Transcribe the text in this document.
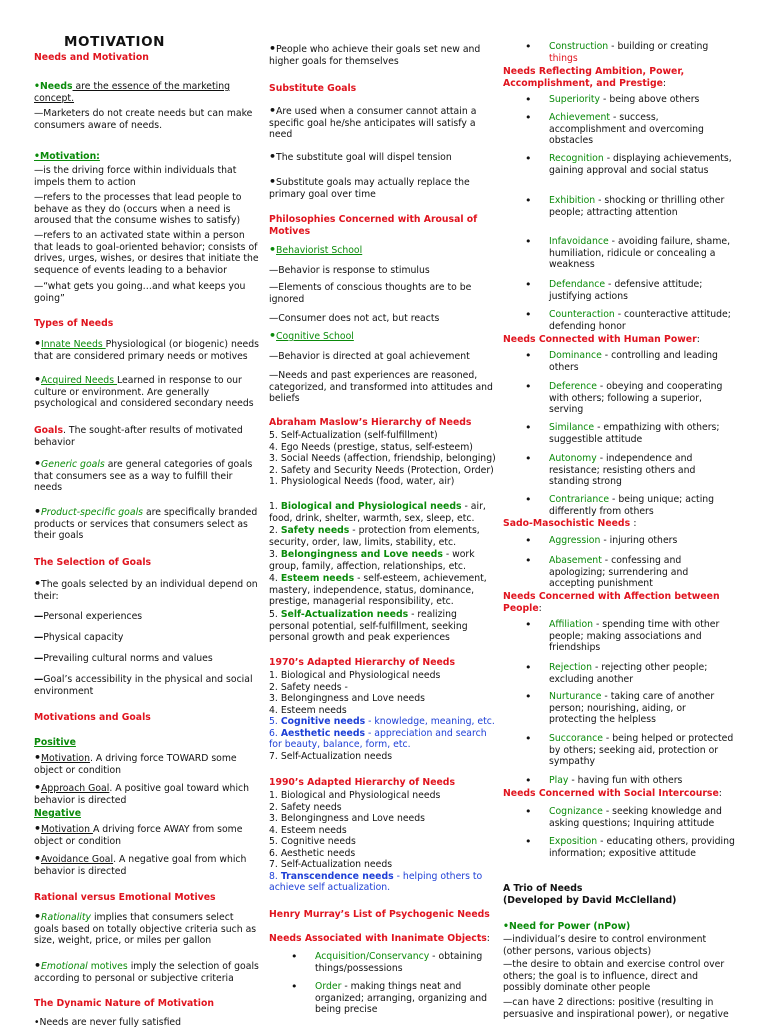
MOTIVATION
Needs and Motivation
•Needs are the essence of the marketing concept.
—Marketers do not create needs but can make consumers aware of needs.
•Motivation:
—is the driving force within individuals that impels them to action
—refers to the processes that lead people to behave as they do (occurs when a need is aroused that the consume wishes to satisfy)
—refers to an activated state within a person that leads to goal-oriented behavior; consists of drives, urges, wishes, or desires that initiate the sequence of events leading to a behavior
—“what gets you going…and what keeps you going”
Types of Needs
•Innate Needs Physiological (or biogenic) needs that are considered primary needs or motives
•Acquired Needs Learned in response to our culture or environment. Are generally psychological and considered secondary needs
Goals. The sought-after results of motivated behavior
•Generic goals are general categories of goals that consumers see as a way to fulfill their needs
•Product-specific goals are specifically branded products or services that consumers select as their goals
The Selection of Goals
•The goals selected by an individual depend on their:
—Personal experiences
—Physical capacity
—Prevailing cultural norms and values
—Goal’s accessibility in the physical and social environment
Motivations and Goals
Positive
•Motivation. A driving force TOWARD some object or condition
•Approach Goal. A positive goal toward which behavior is directed
Negative
•Motivation A driving force AWAY from some object or condition
•Avoidance Goal. A negative goal from which behavior is directed
Rational versus Emotional Motives
•Rationality implies that consumers select goals based on totally objective criteria such as size, weight, price, or miles per gallon
•Emotional motives imply the selection of goals according to personal or subjective criteria
The Dynamic Nature of Motivation
•Needs are never fully satisfied
•People who achieve their goals set new and higher goals for themselves
Substitute Goals
•Are used when a consumer cannot attain a specific goal he/she anticipates will satisfy a need
•The substitute goal will dispel tension
•Substitute goals may actually replace the primary goal over time
Philosophies Concerned with Arousal of Motives
•Behaviorist School
—Behavior is response to stimulus
—Elements of conscious thoughts are to be ignored
—Consumer does not act, but reacts
•Cognitive School
—Behavior is directed at goal achievement
—Needs and past experiences are reasoned, categorized, and transformed into attitudes and beliefs
Abraham Maslow’s Hierarchy of Needs
5. Self-Actualization (self-fulfillment)
4. Ego Needs (prestige, status, self-esteem)
3. Social Needs (affection, friendship, belonging)
2. Safety and Security Needs (Protection, Order)
1. Physiological Needs (food, water, air)
1. Biological and Physiological needs - air, food, drink, shelter, warmth, sex, sleep, etc.
2. Safety needs - protection from elements, security, order, law, limits, stability, etc.
3. Belongingness and Love needs - work group, family, affection, relationships, etc.
4. Esteem needs - self-esteem, achievement, mastery, independence, status, dominance, prestige, managerial responsibility, etc.
5. Self-Actualization needs - realizing personal potential, self-fulfillment, seeking personal growth and peak experiences
1970’s Adapted Hierarchy of Needs
1. Biological and Physiological needs
2. Safety needs -
3. Belongingness and Love needs
4. Esteem needs
5. Cognitive needs - knowledge, meaning, etc.
6. Aesthetic needs - appreciation and search for beauty, balance, form, etc.
7. Self-Actualization needs
1990’s Adapted Hierarchy of Needs
1. Biological and Physiological needs
2. Safety needs
3. Belongingness and Love needs
4. Esteem needs
5. Cognitive needs
6. Aesthetic needs
7. Self-Actualization needs
8. Transcendence needs - helping others to achieve self actualization.
Henry Murray’s List of Psychogenic Needs
Needs Associated with Inanimate Objects:
•	Acquisition/Conservancy - obtaining things/possessions
•	Order - making things neat and organized; arranging, organizing and being precise
•	Construction - building or creating
things
Needs Reflecting Ambition, Power, Accomplishment, and Prestige:
•	Superiority - being above others
•	Achievement - success, accomplishment and overcoming obstacles
•	Recognition - displaying achievements, gaining approval and social status
•	Exhibition - shocking or thrilling other people; attracting attention
•	Infavoidance - avoiding failure, shame, humiliation, ridicule or concealing a weakness
•	Defendance - defensive attitude; justifying actions
•	Counteraction - counteractive attitude; defending honor
Needs Connected with Human Power:
•	Dominance - controlling and leading others
•	Deference - obeying and cooperating with others; following a superior, serving
•	Similance - empathizing with others; suggestible attitude
•	Autonomy - independence and resistance; resisting others and standing strong
•	Contrariance - being unique; acting differently from others
Sado-Masochistic Needs :
•	Aggression - injuring others
•	Abasement - confessing and apologizing; surrendering and accepting punishment
Needs Concerned with Affection between People:
•	Affiliation - spending time with other people; making associations and friendships
•	Rejection - rejecting other people; excluding another
•	Nurturance - taking care of another person; nourishing, aiding, or protecting the helpless
•	Succorance - being helped or protected by others; seeking aid, protection or sympathy
•	Play - having fun with others
Needs Concerned with Social Intercourse:
•	Cognizance - seeking knowledge and asking questions; Inquiring attitude
•	Exposition - educating others, providing information; expositive attitude
A Trio of Needs
(Developed by David McClelland)
•Need for Power (nPow)
—individual’s desire to control environment (other persons, various objects)
—the desire to obtain and exercise control over others; the goal is to influence, direct and possibly dominate other people
—can have 2 directions: positive (resulting in persuasive and inspirational power), or negative
